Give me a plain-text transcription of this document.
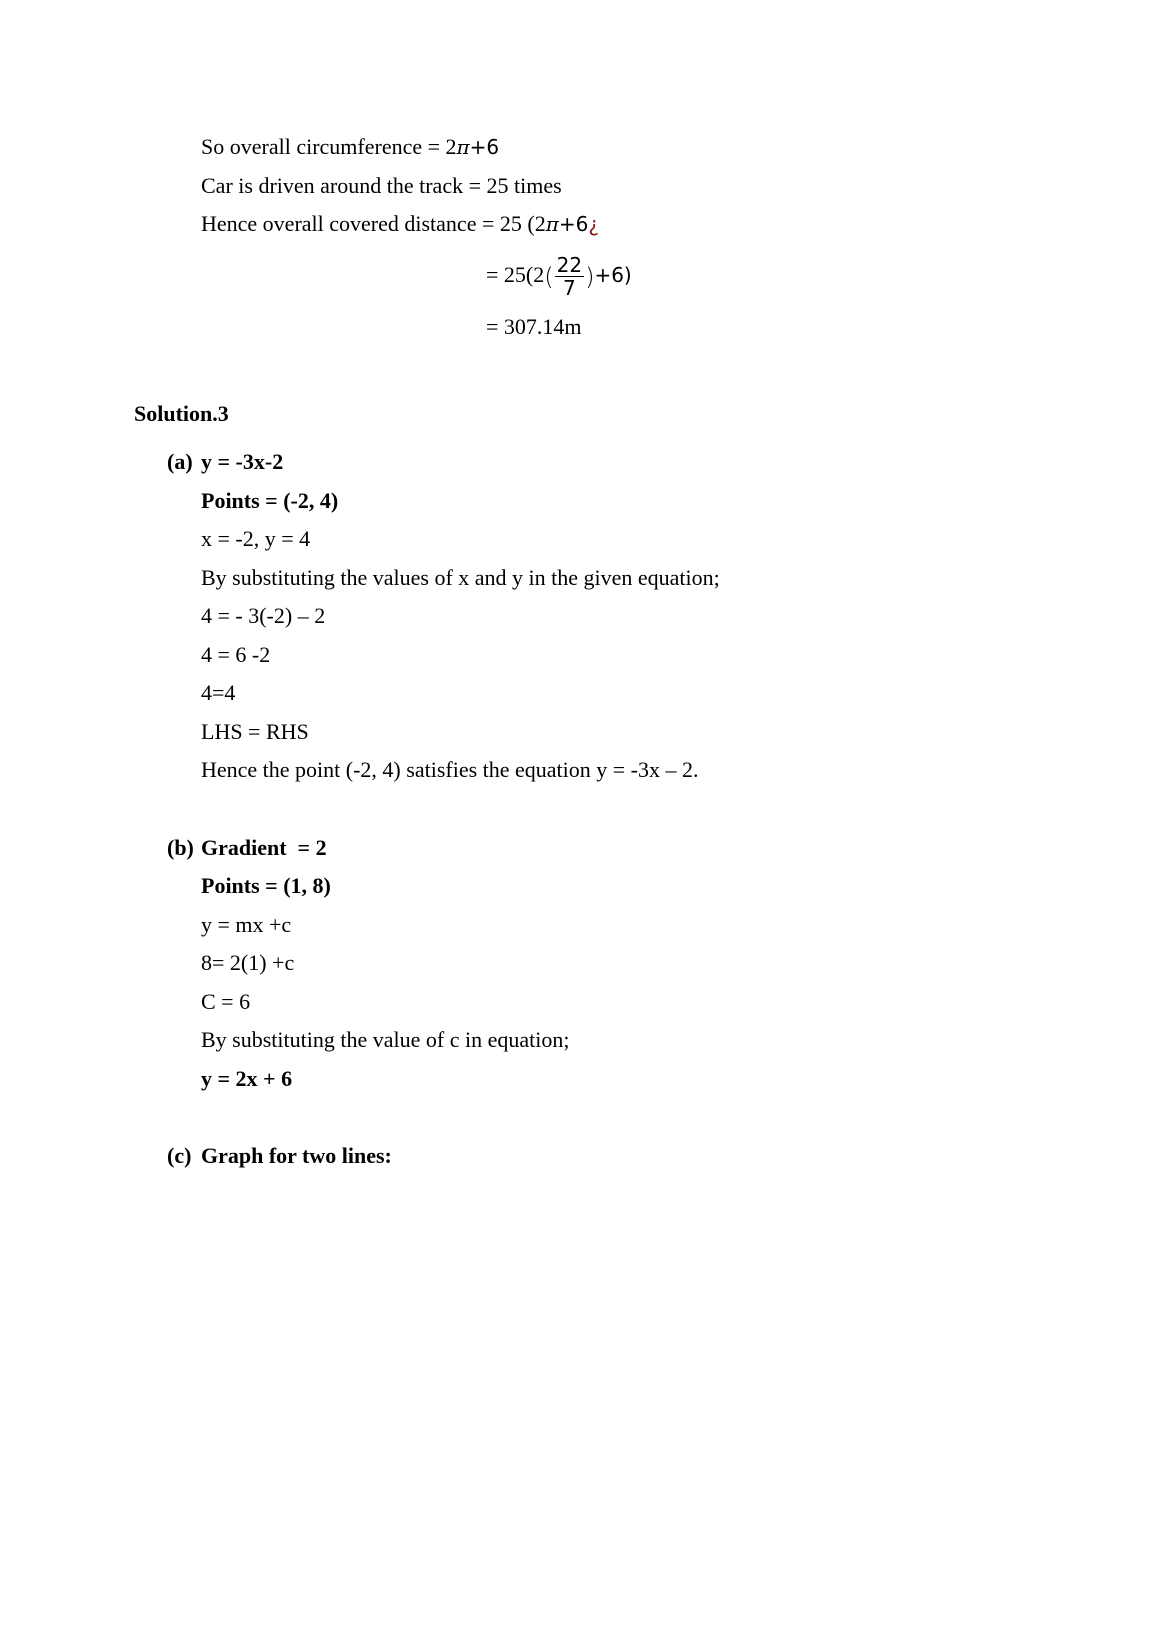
So overall circumference = 2π+6
Car is driven around the track = 25 times
Hence overall covered distance = 25 (2π+6¿
= $25(2( \frac{22}{7} )+6)$
= 307.14m
Solution.3
(a) y = -3x-2
Points = (-2, 4)
x = -2, y = 4
By substituting the values of x and y in the given equation;
4 = - 3(-2) – 2
4 = 6 -2
4=4
LHS = RHS
Hence the point (-2, 4) satisfies the equation y = -3x – 2.
(b) Gradient  = 2
Points = (1, 8)
y = mx +c
8= 2(1) +c
C = 6
By substituting the value of c in equation;
y = 2x + 6
(c) Graph for two lines:
